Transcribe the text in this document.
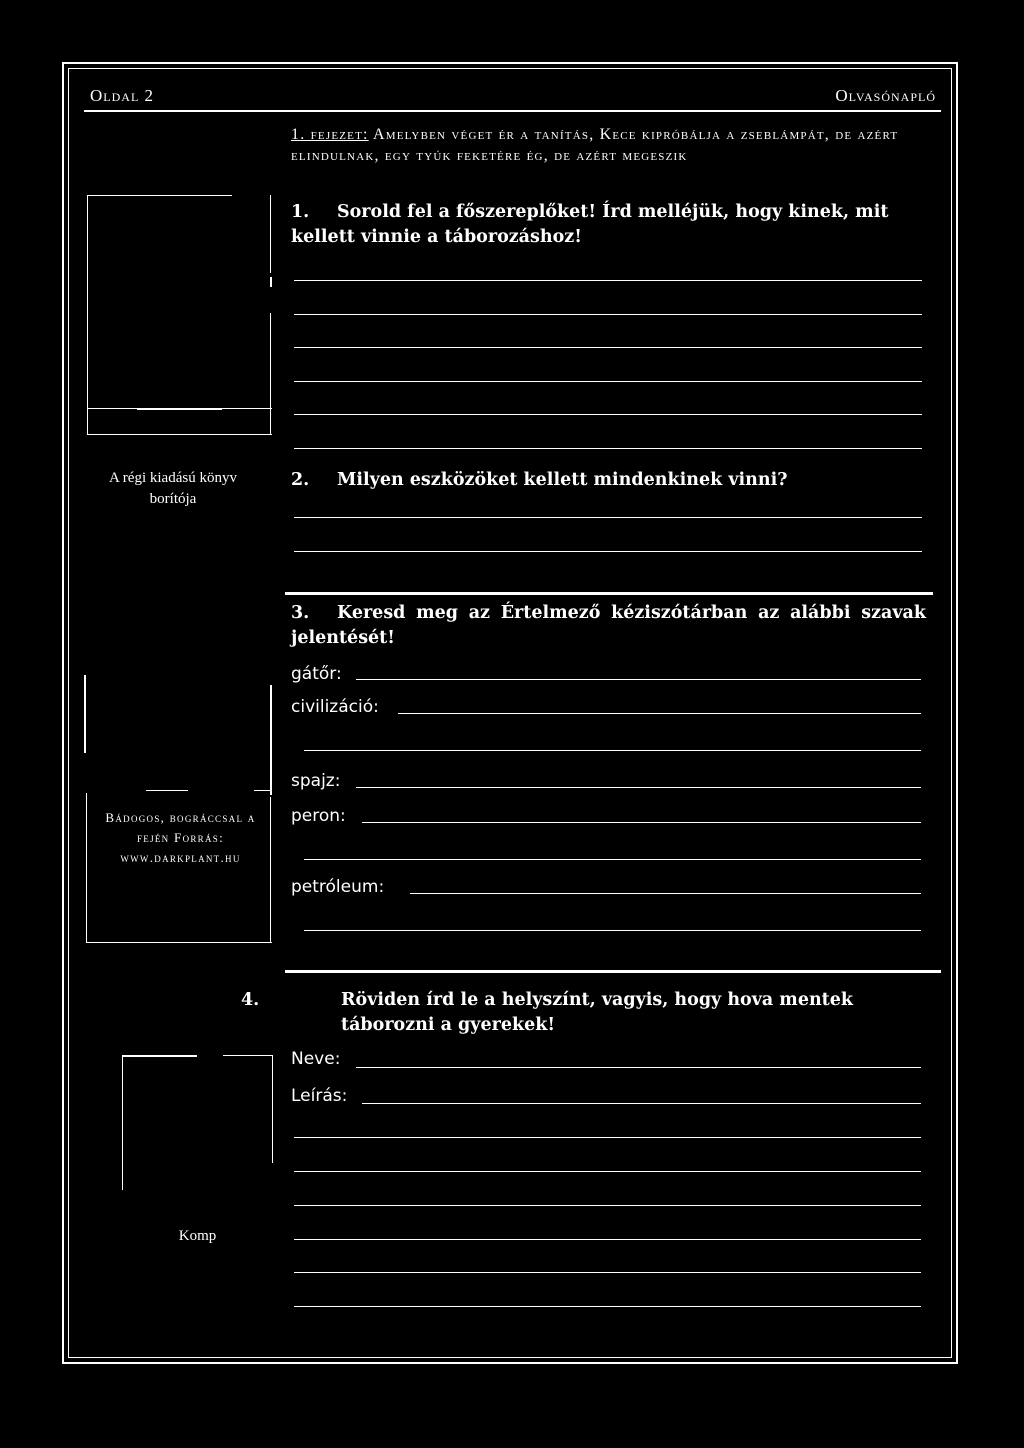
Oldal 2	Olvasónapló
1. fejezet: Amelyben véget ér a tanítás, Kece kipróbálja a zseblámpát, de azért elindulnak, egy tyúk feketére ég, de azért megeszik
A régi kiadású könyv borítója
Bádogos, bográccsal a fején Forrás: www.darkplant.hu
Komp
1. Sorold fel a főszereplőket! Írd melléjük, hogy kinek, mit kellett vinnie a táborozáshoz!
2. Milyen eszközöket kellett mindenkinek vinni?
3. Keresd meg az Értelmező kéziszótárban az alábbi szavak jelentését!
gátőr:
civilizáció:
spajz:
peron:
petróleum:
4.	Röviden írd le a helyszínt, vagyis, hogy hova mentek táborozni a gyerekek!
Neve:
Leírás:
